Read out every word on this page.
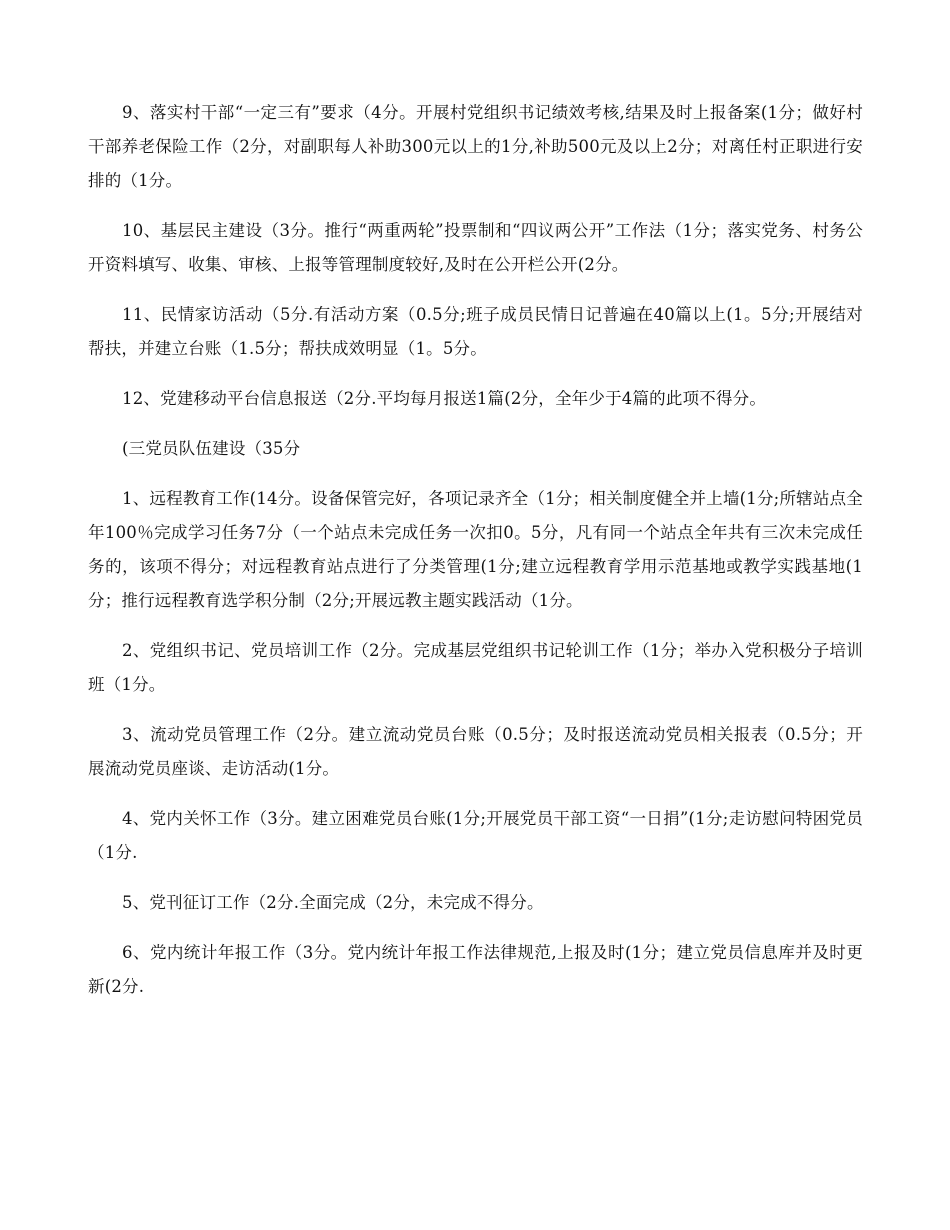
9、落实村干部“一定三有”要求（4分。开展村党组织书记绩效考核,结果及时上报备案(1分；做好村干部养老保险工作（2分，对副职每人补助300元以上的1分,补助500元及以上2分；对离任村正职进行安排的（1分。

10、基层民主建设（3分。推行“两重两轮”投票制和“四议两公开”工作法（1分；落实党务、村务公开资料填写、收集、审核、上报等管理制度较好,及时在公开栏公开(2分。

11、民情家访活动（5分.有活动方案（0.5分;班子成员民情日记普遍在40篇以上(1。5分;开展结对帮扶，并建立台账（1.5分；帮扶成效明显（1。5分。

12、党建移动平台信息报送（2分.平均每月报送1篇(2分，全年少于4篇的此项不得分。

(三党员队伍建设（35分

1、远程教育工作(14分。设备保管完好，各项记录齐全（1分；相关制度健全并上墙(1分;所辖站点全年100％完成学习任务7分（一个站点未完成任务一次扣0。5分，凡有同一个站点全年共有三次未完成任务的，该项不得分；对远程教育站点进行了分类管理(1分;建立远程教育学用示范基地或教学实践基地(1分；推行远程教育选学积分制（2分;开展远教主题实践活动（1分。

2、党组织书记、党员培训工作（2分。完成基层党组织书记轮训工作（1分；举办入党积极分子培训班（1分。

3、流动党员管理工作（2分。建立流动党员台账（0.5分；及时报送流动党员相关报表（0.5分；开展流动党员座谈、走访活动(1分。

4、党内关怀工作（3分。建立困难党员台账(1分;开展党员干部工资“一日捐”(1分;走访慰问特困党员（1分.

5、党刊征订工作（2分.全面完成（2分，未完成不得分。

6、党内统计年报工作（3分。党内统计年报工作法律规范,上报及时(1分；建立党员信息库并及时更新(2分.
